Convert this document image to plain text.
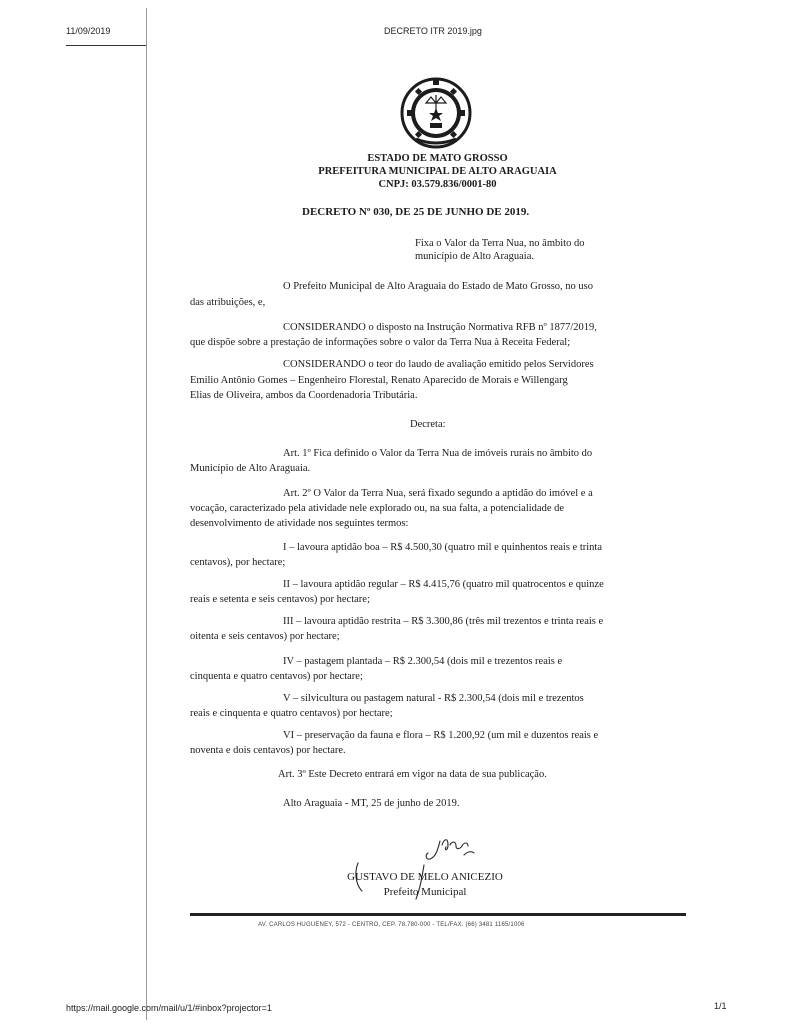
11/09/2019	DECRETO ITR 2019.jpg
ESTADO DE MATO GROSSO
PREFEITURA MUNICIPAL DE ALTO ARAGUAIA
CNPJ: 03.579.836/0001-80
DECRETO Nº 030, DE 25 DE JUNHO DE 2019.
Fixa o Valor da Terra Nua, no âmbito do
município de Alto Araguaia.
O Prefeito Municipal de Alto Araguaia do Estado de Mato Grosso, no uso
das atribuições, e,
CONSIDERANDO o disposto na Instrução Normativa RFB nº 1877/2019,
que dispõe sobre a prestação de informações sobre o valor da Terra Nua à Receita Federal;
CONSIDERANDO o teor do laudo de avaliação emitido pelos Servidores
Emilio Antônio Gomes – Engenheiro Florestal, Renato Aparecido de Morais e Willengarg
Elias de Oliveira, ambos da Coordenadoria Tributária.
Decreta:
Art. 1º Fica definido o Valor da Terra Nua de imóveis rurais no âmbito do
Município de Alto Araguaia.
Art. 2º O Valor da Terra Nua, será fixado segundo a aptidão do imóvel e a
vocação, caracterizado pela atividade nele explorado ou, na sua falta, a potencialidade de
desenvolvimento de atividade nos seguintes termos:
I – lavoura aptidão boa – R$ 4.500,30 (quatro mil e quinhentos reais e trinta
centavos), por hectare;
II – lavoura aptidão regular – R$ 4.415,76 (quatro mil quatrocentos e quinze
reais e setenta e seis centavos) por hectare;
III – lavoura aptidão restrita – R$ 3.300,86 (três mil trezentos e trinta reais e
oitenta e seis centavos) por hectare;
IV – pastagem plantada – R$ 2.300,54 (dois mil e trezentos reais e
cinquenta e quatro centavos) por hectare;
V – silvicultura ou pastagem natural - R$ 2.300,54 (dois mil e trezentos
reais e cinquenta e quatro centavos) por hectare;
VI – preservação da fauna e flora – R$ 1.200,92 (um mil e duzentos reais e
noventa e dois centavos) por hectare.
Art. 3º Este Decreto entrará em vigor na data de sua publicação.
Alto Araguaia - MT, 25 de junho de 2019.
GUSTAVO DE MELO ANICEZIO
Prefeito Municipal
AV. CARLOS HUGUENEY, 572 - CENTRO, CEP. 78.780-000 - TEL/FAX. (66) 3481 1165/1006
https://mail.google.com/mail/u/1/#inbox?projector=1	1/1
